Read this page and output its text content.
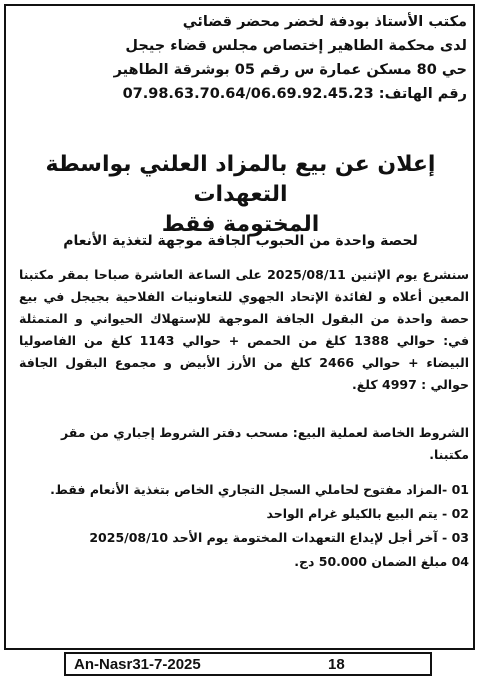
مكتب الأستاذ بودفة لخضر محضر قضائي
لدى محكمة الطاهير إختصاص مجلس قضاء جيجل
حي 80 مسكن عمارة س رقم 05 بوشرقة الطاهير
رقم الهاتف: 07.98.63.70.64/06.69.92.45.23
إعلان عن بيع بالمزاد العلني بواسطة التعهدات
المختومة فقط
لحصة واحدة من الحبوب الجافة موجهة لتغذية الأنعام
سنشرع يوم الإثنين 2025/08/11 على الساعة العاشرة صباحا بمقر مكتبنا المعين أعلاه و لفائدة الإتحاد الجهوي للتعاونيات الفلاحية بجيجل في بيع حصة واحدة من البقول الجافة الموجهة للإستهلاك الحيواني و المتمثلة في: حوالي 1388 كلغ من الحمص + حوالي 1143 كلغ من الفاصوليا البيضاء + حوالي 2466 كلغ من الأرز الأبيض و مجموع البقول الجافة حوالي : 4997 كلغ.
الشروط الخاصة لعملية البيع: مسحب دفتر الشروط إجباري من مقر مكتبنا.
01 -المزاد مفتوح لحاملي السجل التجاري الخاص بتغذية الأنعام فقط.
02 - يتم البيع بالكيلو غرام الواحد
03 - آخر أجل لإيداع التعهدات المختومة يوم الأحد 2025/08/10
04 مبلغ الضمان 50.000 دج.
An-Nasr31-7-2025	18
